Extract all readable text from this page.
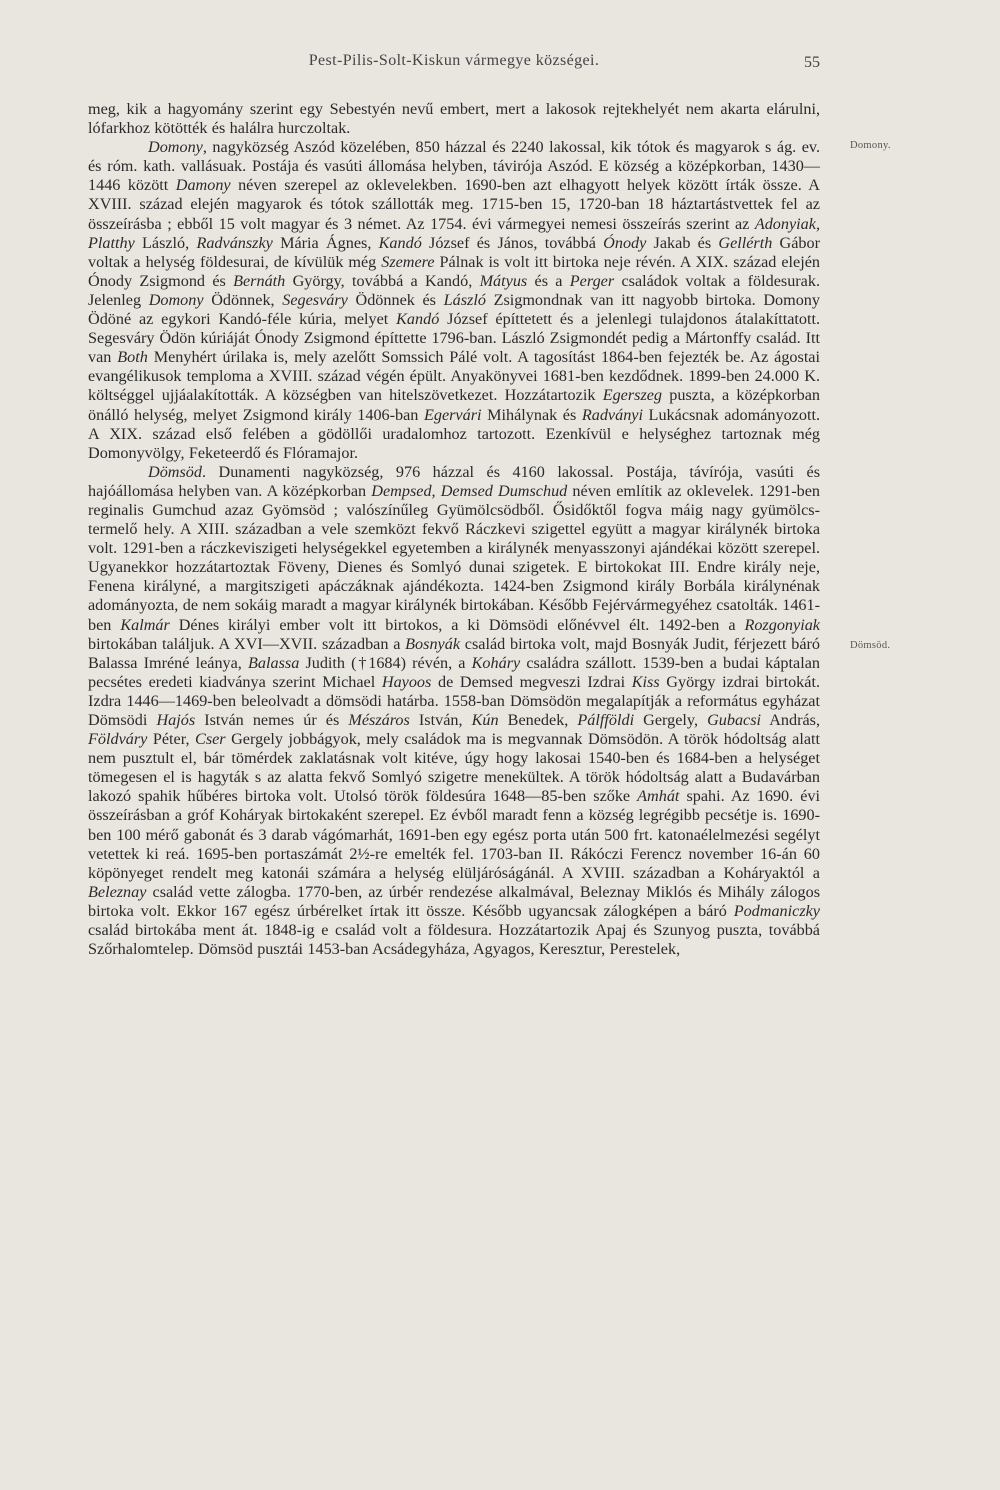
Pest-Pilis-Solt-Kiskun vármegye községei.	55
Domony.
Dömsöd.

meg, kik a hagyomány szerint egy Sebestyén nevű embert, mert a lakosok rejtekhelyét nem akarta elárulni, lófarkhoz kötötték és halálra hurczoltak.

Domony, nagyközség Aszód közelében, 850 házzal és 2240 lakossal, kik tótok és magyarok s ág. ev. és róm. kath. vallásuak. Postája és vasúti állomása helyben, távirója Aszód. E község a középkorban, 1430—1446 között Damony néven szerepel az oklevelekben. 1690-ben azt elhagyott helyek között írták össze. A XVIII. század elején magyarok és tótok szállották meg. 1715-ben 15, 1720-ban 18 háztartástvettek fel az összeírásba ; ebből 15 volt magyar és 3 német. Az 1754. évi vármegyei nemesi összeírás szerint az Adonyiak, Platthy László, Radvánszky Mária Ágnes, Kandó József és János, továbbá Ónody Jakab és Gellérth Gábor voltak a helység földesurai, de kívülük még Szemere Pálnak is volt itt birtoka neje révén. A XIX. század elején Ónody Zsigmond és Bernáth György, továbbá a Kandó, Mátyus és a Perger családok voltak a földesurak. Jelenleg Domony Ödönnek, Segesváry Ödönnek és László Zsigmondnak van itt nagyobb birtoka. Domony Ödöné az egykori Kandó-féle kúria, melyet Kandó József építtetett és a jelenlegi tulajdonos átalakíttatott. Segesváry Ödön kúriáját Ónody Zsigmond építtette 1796-ban. László Zsigmondét pedig a Mártonffy család. Itt van Both Menyhért úrilaka is, mely azelőtt Somssich Pálé volt. A tagosítást 1864-ben fejezték be. Az ágostai evangélikusok temploma a XVIII. század végén épült. Anyakönyvei 1681-ben kezdődnek. 1899-ben 24.000 K. költséggel ujjáalakították. A községben van hitelszövetkezet. Hozzátartozik Egerszeg puszta, a középkorban önálló helység, melyet Zsigmond király 1406-ban Egervári Mihálynak és Radványi Lukácsnak adományozott. A XIX. század első felében a gödöllői uradalomhoz tartozott. Ezenkívül e helységhez tartoznak még Domonyvölgy, Feketeerdő és Flóramajor.

Dömsöd. Dunamenti nagyközség, 976 házzal és 4160 lakossal. Postája, távírója, vasúti és hajóállomása helyben van. A középkorban Dempsed, Demsed Dumschud néven említik az oklevelek. 1291-ben reginalis Gumchud azaz Gyömsöd ; valószínűleg Gyümölcsödből. Ősidőktől fogva máig nagy gyümölcs-termelő hely. A XIII. században a vele szemközt fekvő Ráczkevi szigettel együtt a magyar királynék birtoka volt. 1291-ben a ráczkeviszigeti helységekkel egyetemben a királynék menyasszonyi ajándékai között szerepel. Ugyanekkor hozzátartoztak Föveny, Dienes és Somlyó dunai szigetek. E birtokokat III. Endre király neje, Fenena királyné, a margitszigeti apáczáknak ajándékozta. 1424-ben Zsigmond király Borbála királynénak adományozta, de nem sokáig maradt a magyar királynék birtokában. Később Fejérvármegyéhez csatolták. 1461-ben Kalmár Dénes királyi ember volt itt birtokos, a ki Dömsödi előnévvel élt. 1492-ben a Rozgonyiak birtokában találjuk. A XVI—XVII. században a Bosnyák család birtoka volt, majd Bosnyák Judit, férjezett báró Balassa Imréné leánya, Balassa Judith (†1684) révén, a Koháry családra szállott. 1539-ben a budai káptalan pecsétes eredeti kiadványa szerint Michael Hayoos de Demsed megveszi Izdrai Kiss György izdrai birtokát. Izdra 1446—1469-ben beleolvadt a dömsödi határba. 1558-ban Dömsödön megalapítják a református egyházat Dömsödi Hajós István nemes úr és Mészáros István, Kún Benedek, Pálfföldi Gergely, Gubacsi András, Földváry Péter, Cser Gergely jobbágyok, mely családok ma is megvannak Dömsödön. A török hódoltság alatt nem pusztult el, bár tömérdek zaklatásnak volt kitéve, úgy hogy lakosai 1540-ben és 1684-ben a helységet tömegesen el is hagyták s az alatta fekvő Somlyó szigetre menekültek. A török hódoltság alatt a Budavárban lakozó spahik hűbéres birtoka volt. Utolsó török földesúra 1648—85-ben szőke Amhát spahi. Az 1690. évi összeírásban a gróf Koháryak birtokaként szerepel. Ez évből maradt fenn a község legrégibb pecsétje is. 1690-ben 100 mérő gabonát és 3 darab vágómarhát, 1691-ben egy egész porta után 500 frt. katonaélelmezési segélyt vetettek ki reá. 1695-ben portaszámát 2½-re emelték fel. 1703-ban II. Rákóczi Ferencz november 16-án 60 köpönyeget rendelt meg katonái számára a helység elüljáróságánál. A XVIII. században a Koháryaktól a Beleznay család vette zálogba. 1770-ben, az úrbér rendezése alkalmával, Beleznay Miklós és Mihály zálogos birtoka volt. Ekkor 167 egész úrbérelket írtak itt össze. Később ugyancsak zálogképen a báró Podmaniczky család birtokába ment át. 1848-ig e család volt a földesura. Hozzátartozik Apaj és Szunyog puszta, továbbá Szőrhalomtelep. Dömsöd pusztái 1453-ban Acsádegyháza, Agyagos, Keresztur, Perestelek,
